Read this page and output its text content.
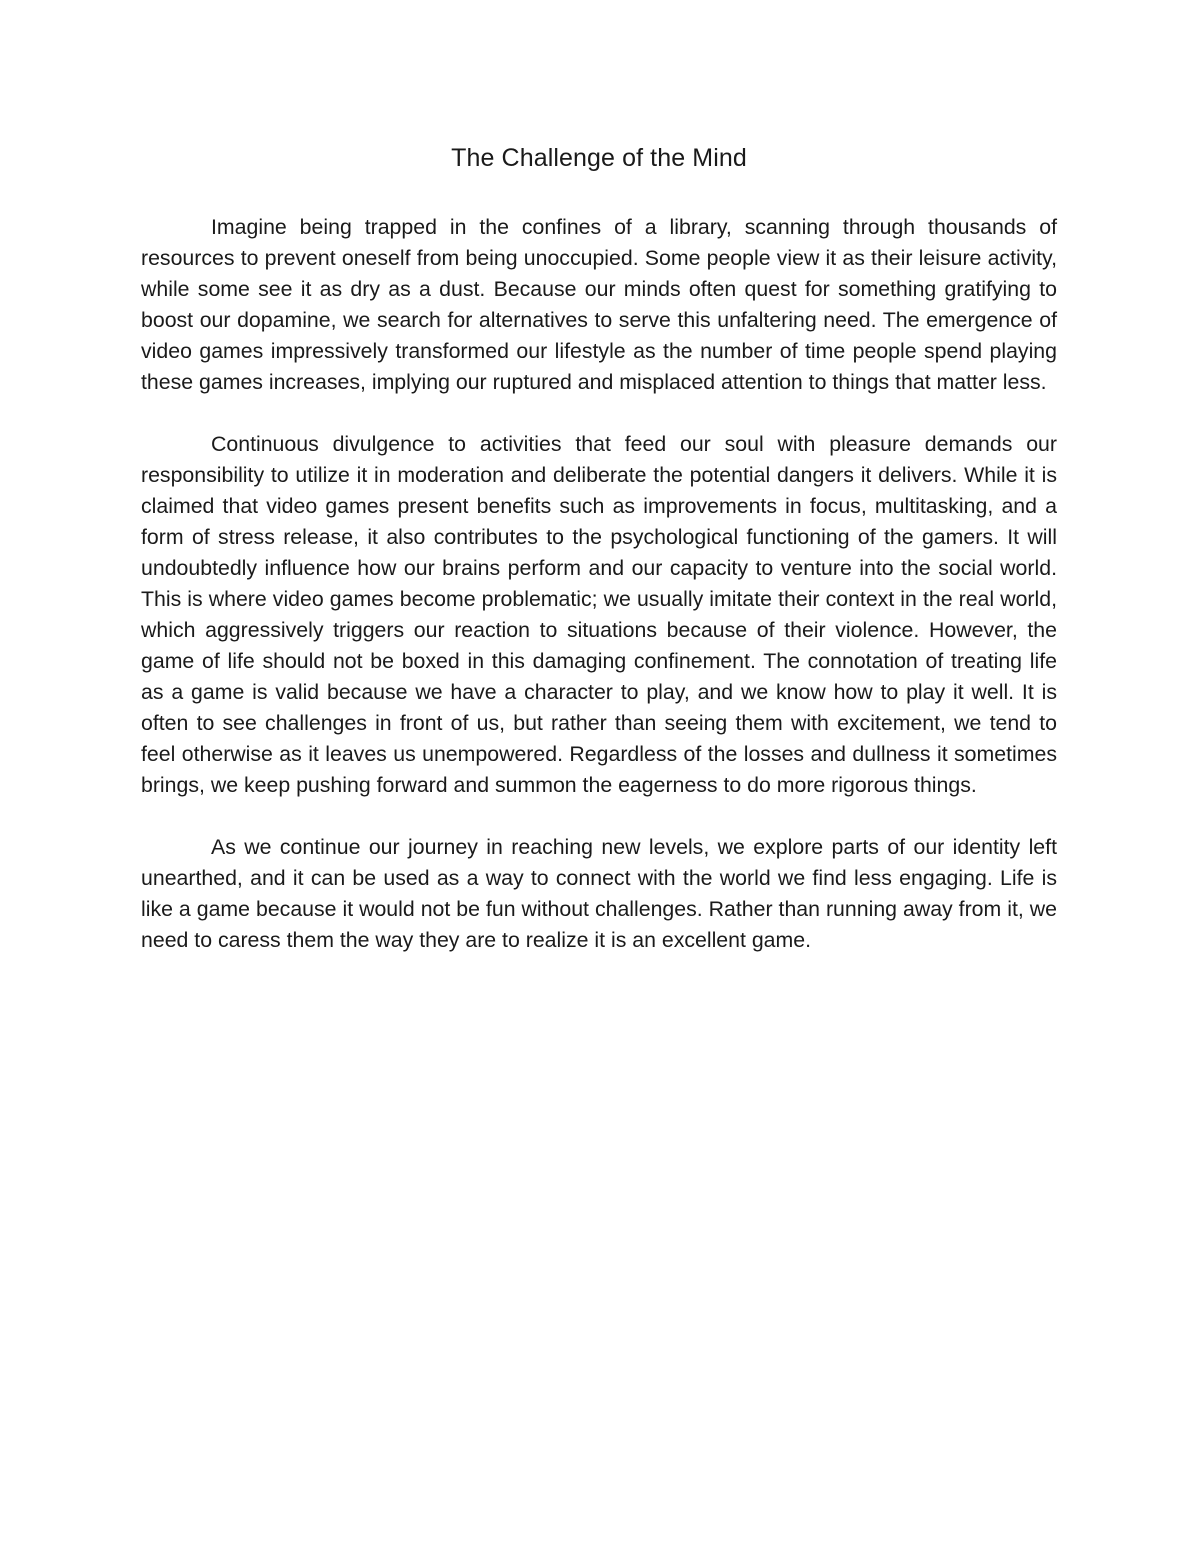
The Challenge of the Mind

Imagine being trapped in the confines of a library, scanning through thousands of resources to prevent oneself from being unoccupied. Some people view it as their leisure activity, while some see it as dry as a dust. Because our minds often quest for something gratifying to boost our dopamine, we search for alternatives to serve this unfaltering need. The emergence of video games impressively transformed our lifestyle as the number of time people spend playing these games increases, implying our ruptured and misplaced attention to things that matter less.

Continuous divulgence to activities that feed our soul with pleasure demands our responsibility to utilize it in moderation and deliberate the potential dangers it delivers. While it is claimed that video games present benefits such as improvements in focus, multitasking, and a form of stress release, it also contributes to the psychological functioning of the gamers. It will undoubtedly influence how our brains perform and our capacity to venture into the social world. This is where video games become problematic; we usually imitate their context in the real world, which aggressively triggers our reaction to situations because of their violence. However, the game of life should not be boxed in this damaging confinement. The connotation of treating life as a game is valid because we have a character to play, and we know how to play it well. It is often to see challenges in front of us, but rather than seeing them with excitement, we tend to feel otherwise as it leaves us unempowered. Regardless of the losses and dullness it sometimes brings, we keep pushing forward and summon the eagerness to do more rigorous things.

As we continue our journey in reaching new levels, we explore parts of our identity left unearthed, and it can be used as a way to connect with the world we find less engaging. Life is like a game because it would not be fun without challenges. Rather than running away from it, we need to caress them the way they are to realize it is an excellent game.
